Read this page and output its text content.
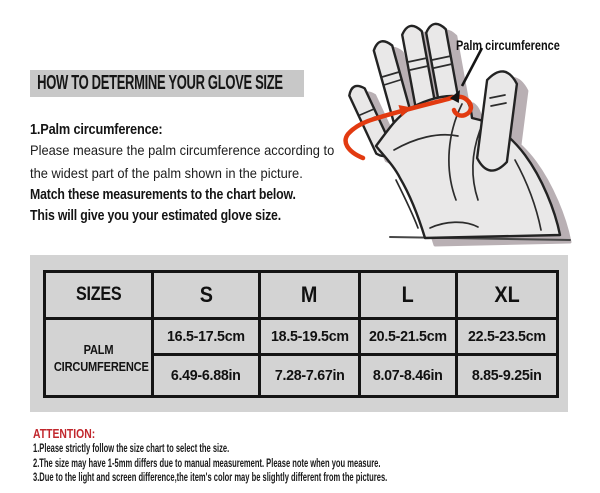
HOW TO DETERMINE YOUR GLOVE SIZE
1.Palm circumference:
Please measure the palm circumference according to
the widest part of the palm shown in the picture.
Match these measurements to the chart below.
This will give you your estimated glove size.
Palm circumference
SIZES	S	M	L	XL

PALM
CIRCUMFERENCE	16.5-17.5cm	18.5-19.5cm	20.5-21.5cm	22.5-23.5cm
	6.49-6.88in	7.28-7.67in	8.07-8.46in	8.85-9.25in
ATTENTION:
1.Please strictly follow the size chart to select the size.
2.The size may have 1-5mm differs due to manual measurement. Please note when you measure.
3.Due to the light and screen difference,the item's color may be slightly different from the pictures.
